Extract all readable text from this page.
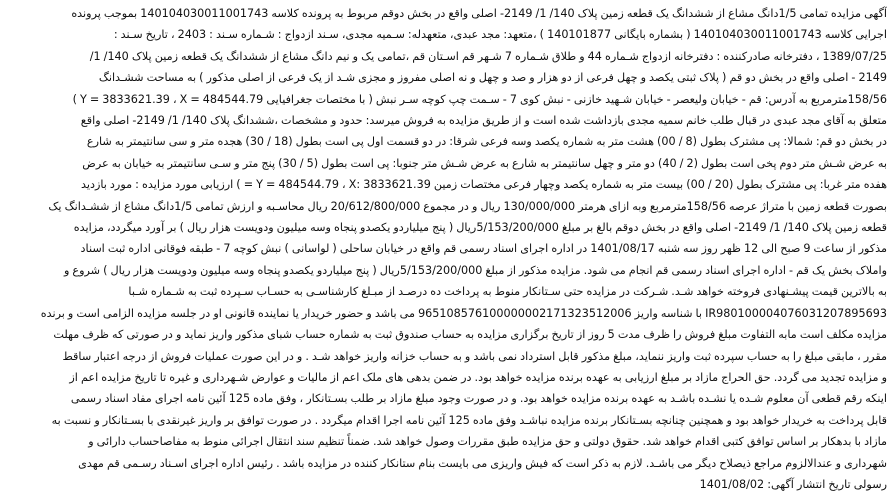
آگهی مزایده تمامی 1/5دانگ مشاع از ششدانگ یک قطعه زمین پلاک 140/ 1/ 2149- اصلی واقع در بخش دوقم مربوط به پرونده کلاسه 140104030011001743 بموجب پرونده
اجرایی کلاسه 140104030011001743 ( بشماره بایگانی 140101877 ) ،متعهد: مجد عبدی، متعهدله: سـمیه مجدی، سـند ازدواج : شـماره سـند : 2403 ، تاریخ سـند :
1389/07/25 ، دفترخانه صادرکننده : دفترخانه ازدواج شـماره 44 و طلاق شـماره 7 شـهر قم اسـتان قم ،تمامی یک و نیم دانگ مشاع از ششدانگ یک قطعه زمین پلاک 140/ 1/
2149 - اصلی واقع در بخش دو قم ( پلاک ثبتی یکصد و چهل فرعی از دو هزار و صد و چهل و نه اصلی مفروز و مجزی شـد از یک فرعی از اصلی مذکور ) به مساحت ششـدانگ
158/56مترمربع به آدرس: قم - خیابان ولیعصر - خیابان شـهید خازنی - نبش کوی 7 - سـمت چپ کوچه سـر نبش ( با مختصات جغرافیایی Y = 3833621.39 ، X = 484544.79 )
متعلق به آقای مجد عبدی در قبال طلب خانم سمیه مجدی بازداشت شده است و از طریق مزایده به فروش میرسد: حدود و مشخصات ،ششدانگ پلاک 140/ 1/ 2149- اصلی واقع
در بخش دو قم: شمالا: پی مشترک بطول (8 / 00) هشت متر به شماره یکصد وسه فرعی شرقا: در دو قسمت اول پی است بطول (18 / 30) هجده متر و سی سانتیمتر به شارع
به عرض شـش متر دوم پخی است بطول (2 / 40) دو متر و چهل سانتیمتر به شارع به عرض شـش متر جنوبا: پی است بطول (5 / 30) پنج متر و سـی سانتیمتر به خیابان به عرض
هفده متر غربا: پی مشترک بطول (20 / 00) بیست متر به شماره یکصد وچهار فرعی مختصات زمین 3833621.39 :Y = 484544.79 ، X = ) ارزیابی مورد مزایده : مورد بازدید
بصورت قطعه زمین با متراژ عرصه 158/56مترمربع وبه ازای هرمتر 130/000/000 ریال و در مجموع 20/612/800/000 ریال محاسـبه و ارزش تمامی 1/5دانگ مشاع از ششـدانگ یک
قطعه زمین پلاک 140/ 1/ 2149- اصلی واقع در بخش دوقم بالغ بر مبلغ 5/153/200/000ریال ( پنج میلیاردو یکصدو پنجاه وسه میلیون ودویست هزار ریال ) بر آورد میگردد، مزایده
مذکور از ساعت 9 صبح الی 12 ظهر روز سه شنبه 1401/08/17 در اداره اجرای اسناد رسمی قم واقع در خیابان ساحلی ( لواسانی ) نبش کوچه 7 - طبقه فوقانی اداره ثبت اسناد
واملاک بخش یک قم - اداره اجرای اسناد رسمی قم انجام می شود. مزایده مذکور از مبلغ 5/153/200/000ریال ( پنج میلیاردو یکصدو پنجاه وسه میلیون ودویست هزار ریال ) شروع و
به بالاترین قیمت پیشـنهادی فروخته خواهد شـد. شـرکت در مزایده حتی سـتانکار منوط به پرداخت ده درصـد از مبـلغ کارشناسـی به حسـاب سـپرده ثبت به شـماره شـبا
IR980100004076031207895693 با شناسه واریز 965108576100000002171323512006 می باشد و حضور خریدار یا نماینده قانونی او در جلسه مزایده الزامی است و برنده
مزایده مکلف است مابه التفاوت مبلغ فروش را ظرف مدت 5 روز از تاریخ برگزاری مزایده به حساب صندوق ثبت به شماره حساب شبای مذکور واریز نماید و در صورتی که ظرف مهلت
مقرر ، مابقی مبلغ را به حساب سپرده ثبت واریز ننماید، مبلغ مذکور قابل استرداد نمی باشد و به حساب خزانه واریز خواهد شـد . و در این صورت عملیات فروش از درجه اعتبار ساقط
و مزایده تجدید می گردد. حق الحراج مازاد بر مبلغ ارزیابی به عهده برنده مزایده خواهد بود. در ضمن بدهی های ملک اعم از مالیات و عوارض شـهرداری و غیره تا تاریخ مزایده اعم از
اینکه رقم قطعی آن معلوم شـده یا نشـده باشـد به عهده برنده مزایده خواهد بود. و در صورت وجود مبلغ مازاد بر طلب بسـتانکار ، وفق ماده 125 آئین نامه اجرای مفاد اسناد رسمی
قابل پرداخت به خریدار خواهد بود و همچنین چنانچه بسـتانکار برنده مزایده نباشـد وفق ماده 125 آئین نامه اجرا اقدام میگردد . در صورت توافق بر واریز غیرنقدی با بسـتانکار و نسبت به
مازاد با بدهکار بر اساس توافق کتبی اقدام خواهد شد. حقوق دولتی و حق مزایده طبق مقررات وصول خواهد شد. ضمناً تنظیم سند انتقال اجرائی منوط به مفاصاحساب دارائی و
شهرداری و عندالالزوم مراجع ذیصلاح دیگر می باشـد. لازم به ذکر است که فیش واریزی می بایست بنام ستانکار کننده در مزایده باشد . رئیس اداره اجرای اسـناد رسـمی قم مهدی
رسولی تاریخ انتشار آگهی: 1401/08/02
